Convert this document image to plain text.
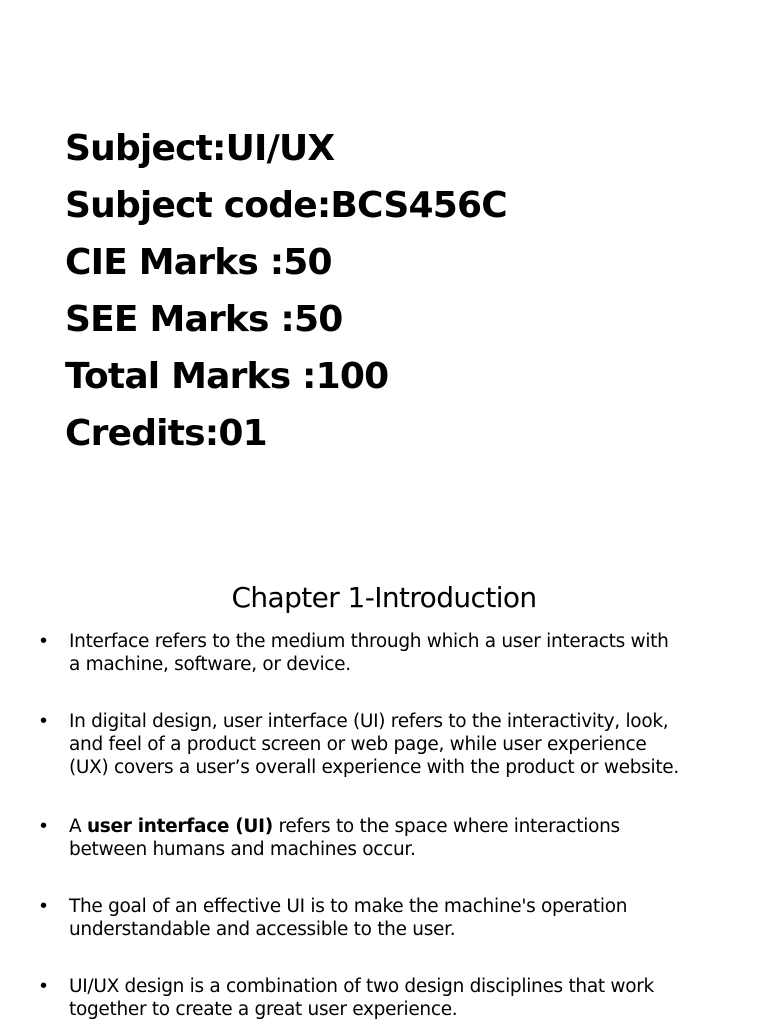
Subject:UI/UX
Subject code:BCS456C
CIE Marks :50
SEE Marks :50
Total Marks :100
Credits:01
Chapter 1-Introduction
• Interface refers to the medium through which a user interacts with
a machine, software, or device.
• In digital design, user interface (UI) refers to the interactivity, look,
and feel of a product screen or web page, while user experience
(UX) covers a user’s overall experience with the product or website.
• A user interface (UI) refers to the space where interactions
between humans and machines occur.
• The goal of an effective UI is to make the machine's operation
understandable and accessible to the user.
• UI/UX design is a combination of two design disciplines that work
together to create a great user experience.
